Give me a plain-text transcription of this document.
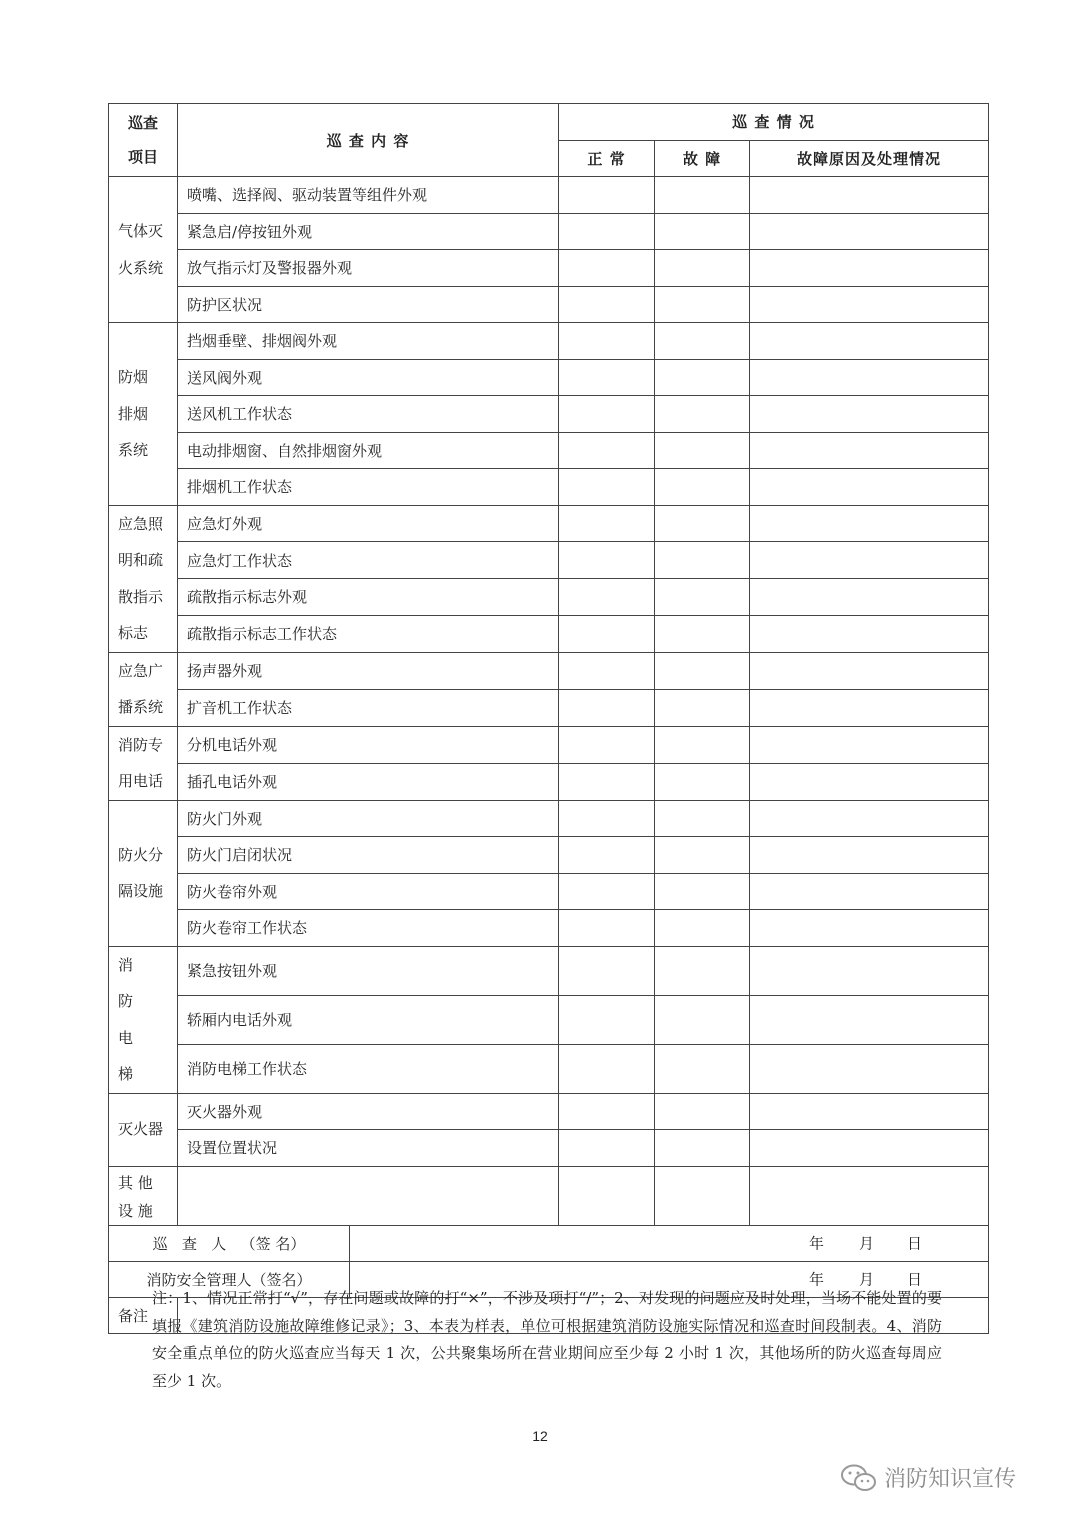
巡查
项目	巡 查 内 容	巡 查 情 况		
		正 常	故 障	故障原因及处理情况

气体灭
火系统	喷嘴、选择阀、驱动装置等组件外观			
	紧急启/停按钮外观			
	放气指示灯及警报器外观			
	防护区状况			

防烟
排烟
系统	挡烟垂壁、排烟阀外观			
	送风阀外观			
	送风机工作状态			
	电动排烟窗、自然排烟窗外观			
	排烟机工作状态			

应急照
明和疏
散指示
标志	应急灯外观			
	应急灯工作状态			
	疏散指示标志外观			
	疏散指示标志工作状态			

应急广
播系统	扬声器外观			
	扩音机工作状态			

消防专
用电话	分机电话外观			
	插孔电话外观			

防火分
隔设施	防火门外观			
	防火门启闭状况			
	防火卷帘外观			
	防火卷帘工作状态			

消防
电梯	紧急按钮外观			
	轿厢内电话外观			
	消防电梯工作状态			

灭火器	灭火器外观			
	设置位置状况			

其 他
设 施				

巡   查   人   （签 名）	年 月 日

消防安全管理人（签名）	年 月 日
备注	
注：1、情况正常打“√”，存在问题或故障的打“×”，不涉及项打“/”；2、对发现的问题应及时处理，当场不能处置的要填报《建筑消防设施故障维修记录》；3、本表为样表，单位可根据建筑消防设施实际情况和巡查时间段制表。4、消防安全重点单位的防火巡查应当每天 1 次，公共聚集场所在营业期间应至少每 2 小时 1 次，其他场所的防火巡查每周应至少 1 次。
12
消防知识宣传
